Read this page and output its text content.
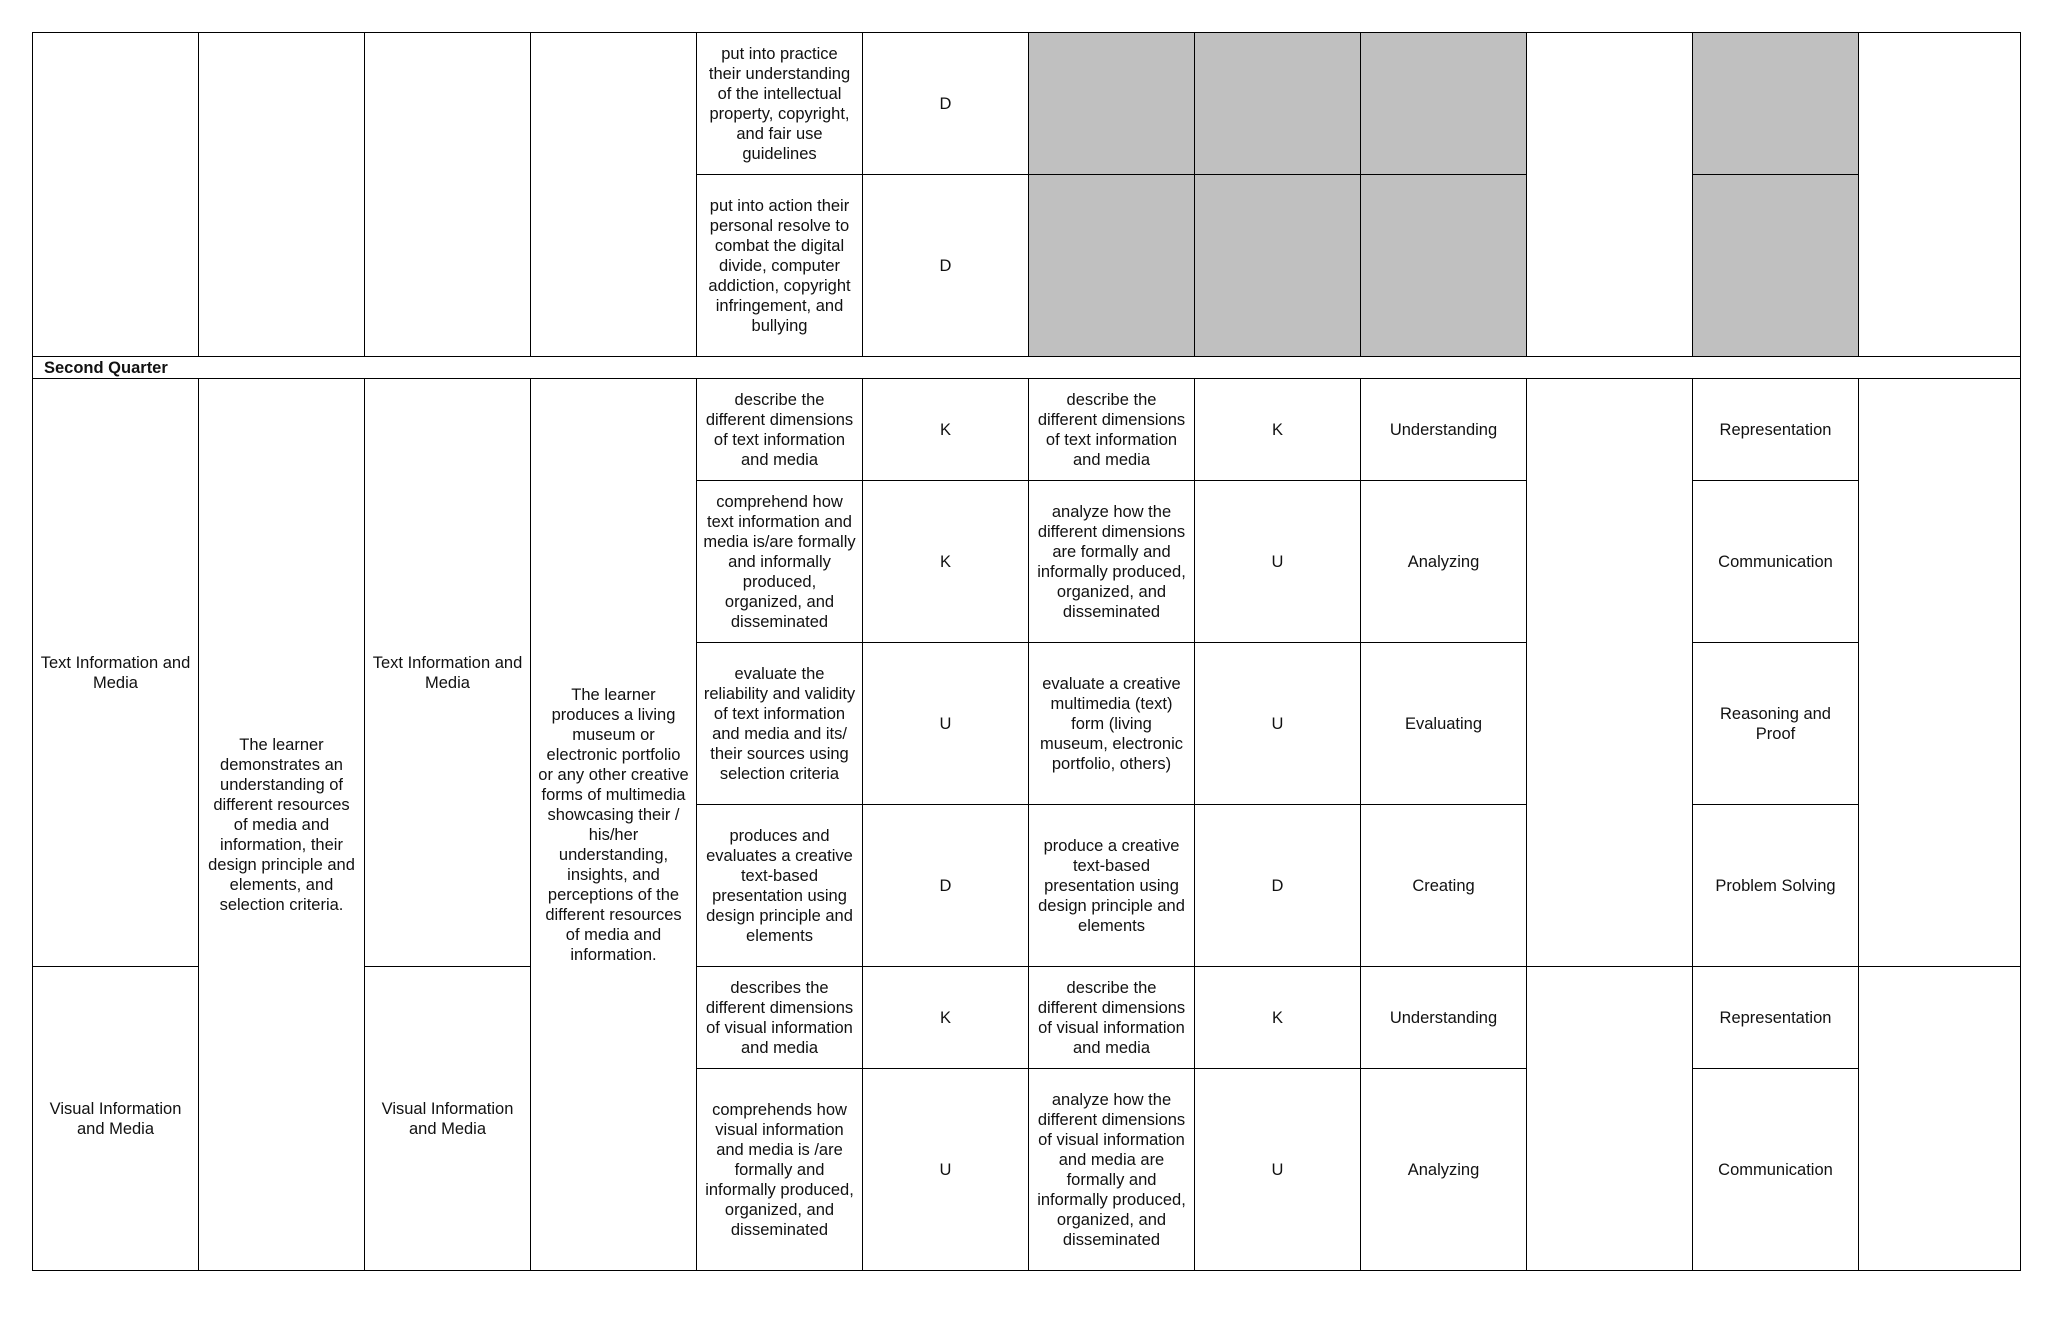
				put into practice their understanding of the intellectual property, copyright, and fair use guidelines	D						
				put into action their personal resolve to combat the digital divide, computer addiction, copyright infringement, and bullying	D						
Second Quarter											
Text Information and Media	The learner demonstrates an understanding of different resources of media and information, their design principle and elements, and selection criteria.	Text Information and Media	The learner produces a living museum or electronic portfolio or any other creative forms of multimedia showcasing their / his/her understanding, insights, and perceptions of the different resources of media and information.	describe the different dimensions of text information and media	K	describe the different dimensions of text information and media	K	Understanding		Representation	
				comprehend how text information and media is/are formally and informally produced, organized, and disseminated	K	analyze how the different dimensions are formally and informally produced, organized, and disseminated	U	Analyzing		Communication	
				evaluate the reliability and validity of text information and media and its/ their sources using selection criteria	U	evaluate a creative multimedia (text) form (living museum, electronic portfolio, others)	U	Evaluating		Reasoning and Proof	
				produces and evaluates a creative text-based presentation using design principle and elements	D	produce a creative text-based presentation using design principle and elements	D	Creating		Problem Solving	
Visual Information and Media		Visual Information and Media		describes the different dimensions of visual information and media	K	describe the different dimensions of visual information and media	K	Understanding		Representation	
				comprehends how visual information and media is /are formally and informally produced, organized, and disseminated	U	analyze how the different dimensions of visual information and media are formally and informally produced, organized, and disseminated	U	Analyzing		Communication	
